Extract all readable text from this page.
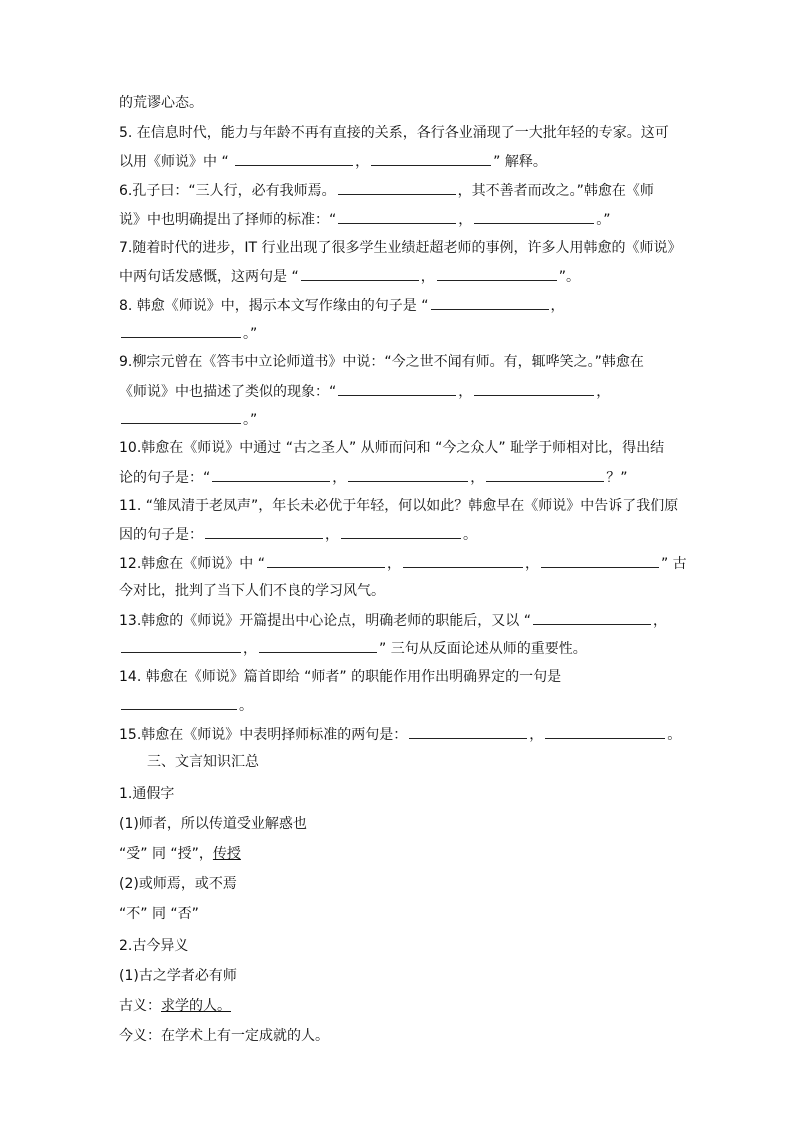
的荒谬心态。
5. 在信息时代，能力与年龄不再有直接的关系，各行各业涌现了一大批年轻的专家。这可
以用《师说》中 “	，	” 解释。
6.孔子曰：“三人行，必有我师焉。	，其不善者而改之。”韩愈在《师
说》中也明确提出了择师的标准：“	，	。”
7.随着时代的进步，IT 行业出现了很多学生业绩赶超老师的事例，许多人用韩愈的《师说》
中两句话发感慨，这两句是 “	，	”。
8. 韩愈《师说》中，揭示本文写作缘由的句子是 “	，
。”
9.柳宗元曾在《答韦中立论师道书》中说：“今之世不闻有师。有，辄哗笑之。”韩愈在
《师说》中也描述了类似的现象：“	，	，
。”
10.韩愈在《师说》中通过 “古之圣人” 从师而问和 “今之众人” 耻学于师相对比，得出结
论的句子是：“	，	，	？”
11. “雏凤清于老凤声”，年长未必优于年轻，何以如此？韩愈早在《师说》中告诉了我们原
因的句子是：	，	。
12.韩愈在《师说》中 “	，	，	” 古
今对比，批判了当下人们不良的学习风气。
13.韩愈的《师说》开篇提出中心论点，明确老师的职能后，又以 “	，
，	” 三句从反面论述从师的重要性。
14. 韩愈在《师说》篇首即给 “师者” 的职能作用作出明确界定的一句是
。
15.韩愈在《师说》中表明择师标准的两句是：	，	。
三、文言知识汇总
1.通假字
(1)师者，所以传道受业解惑也
“受” 同 “授”，传授
(2)或师焉，或不焉
“不” 同 “否”
2.古今异义
(1)古之学者必有师
古义：求学的人。
今义：在学术上有一定成就的人。
